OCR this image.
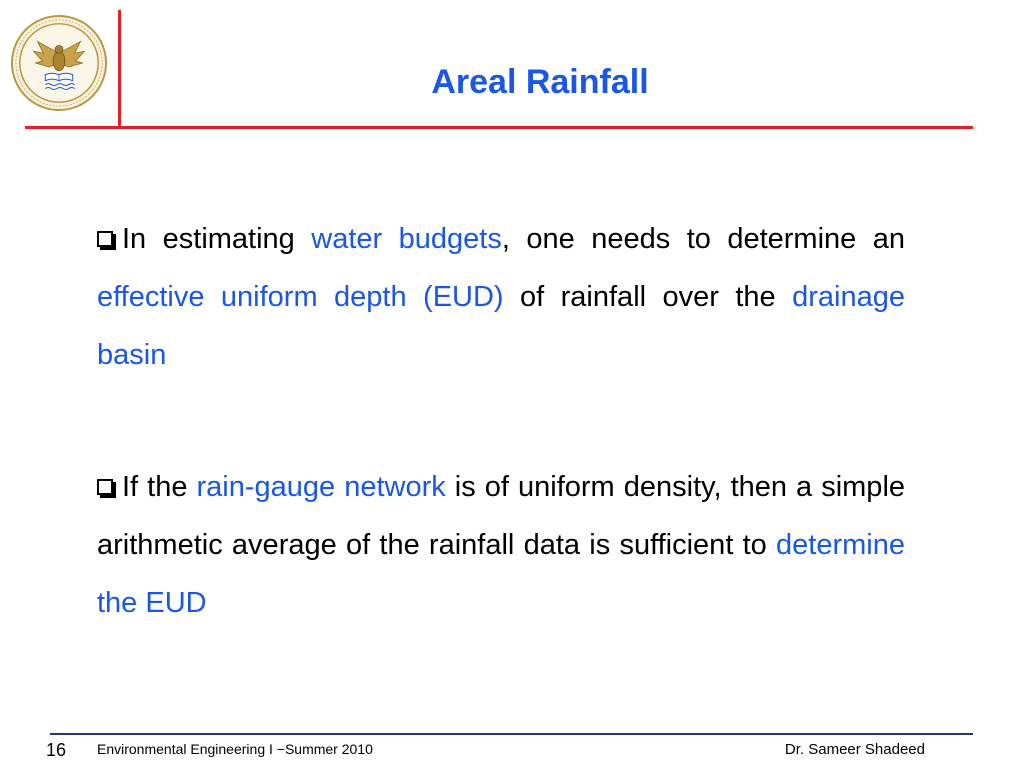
Areal Rainfall

In estimating water budgets, one needs to determine an effective uniform depth (EUD) of rainfall over the drainage basin

If the rain-gauge network is of uniform density, then a simple arithmetic average of the rainfall data is sufficient to determine the EUD

16 Environmental Engineering I −Summer 2010	Dr. Sameer Shadeed
